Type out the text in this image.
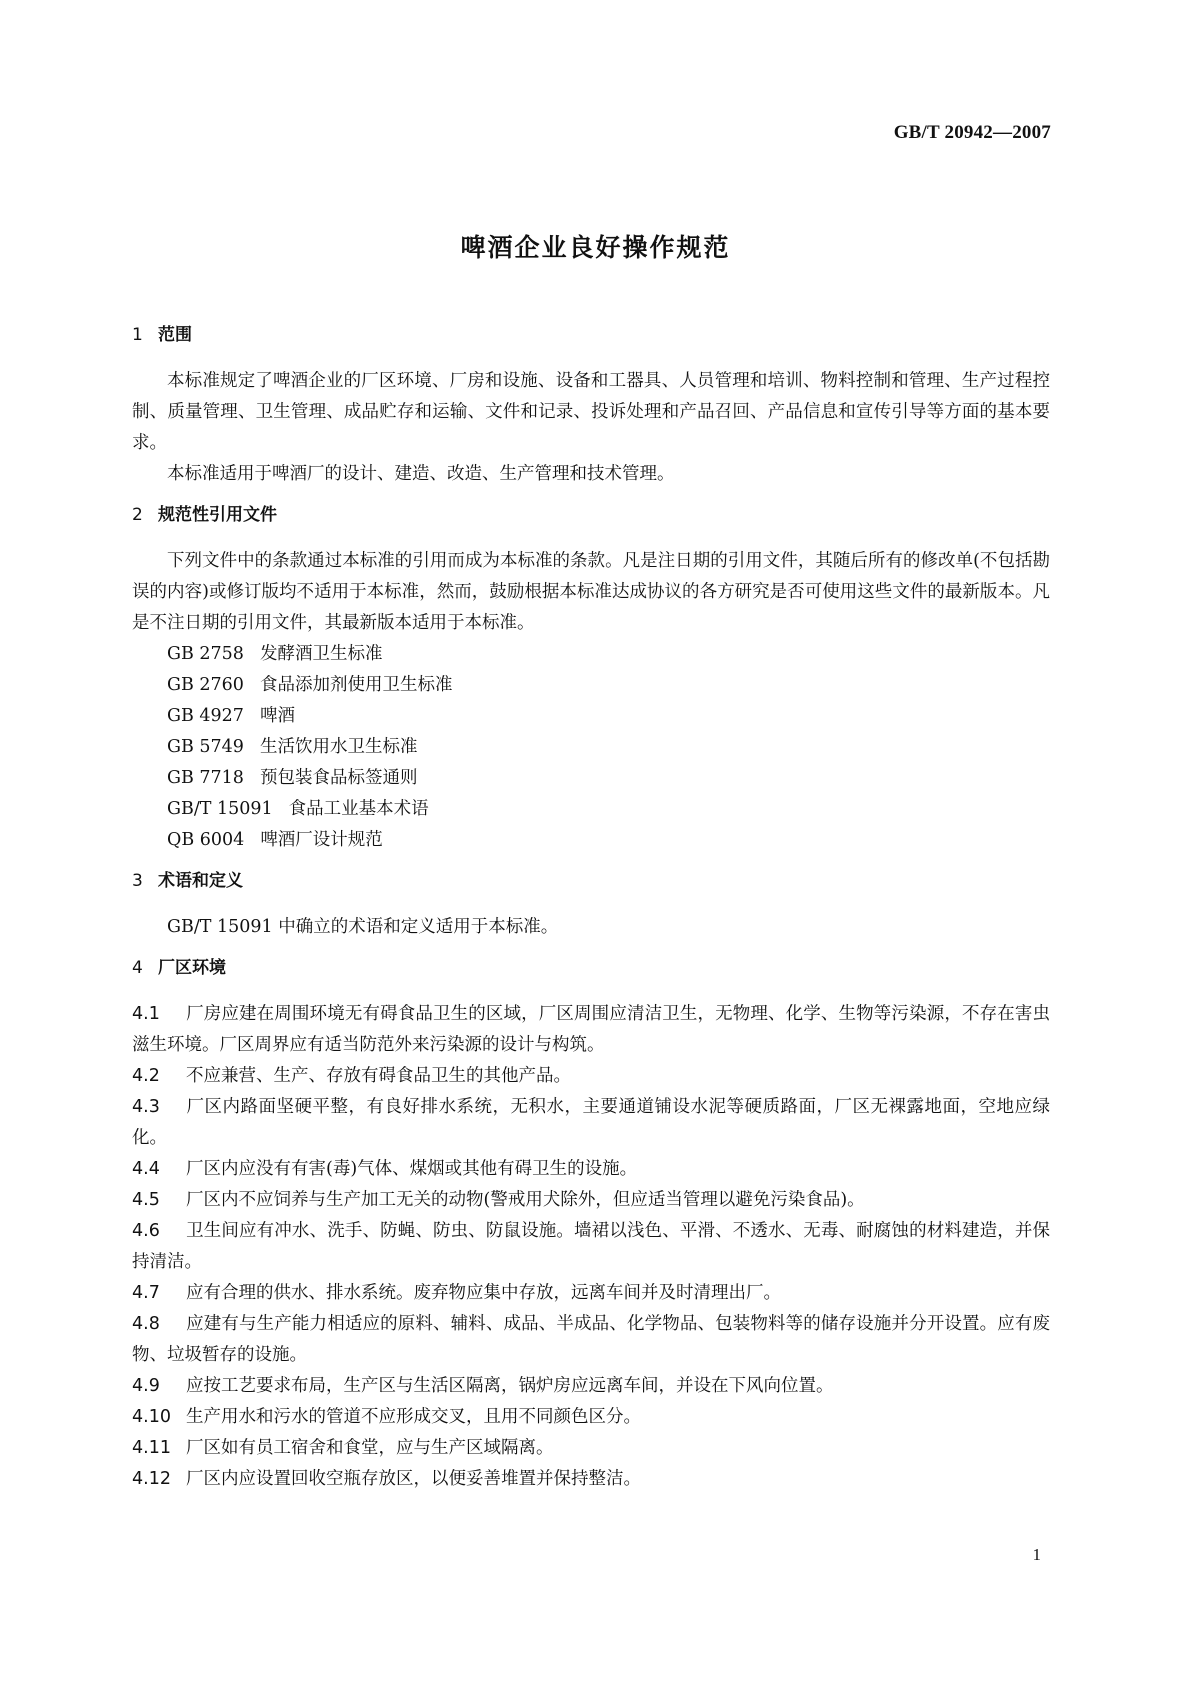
GB/T 20942—2007
啤酒企业良好操作规范
1 范围

本标准规定了啤酒企业的厂区环境、厂房和设施、设备和工器具、人员管理和培训、物料控制和管理、生产过程控制、质量管理、卫生管理、成品贮存和运输、文件和记录、投诉处理和产品召回、产品信息和宣传引导等方面的基本要求。

本标准适用于啤酒厂的设计、建造、改造、生产管理和技术管理。

2 规范性引用文件

下列文件中的条款通过本标准的引用而成为本标准的条款。凡是注日期的引用文件，其随后所有的修改单(不包括勘误的内容)或修订版均不适用于本标准，然而，鼓励根据本标准达成协议的各方研究是否可使用这些文件的最新版本。凡是不注日期的引用文件，其最新版本适用于本标准。

GB 2758 发酵酒卫生标准
GB 2760 食品添加剂使用卫生标准
GB 4927 啤酒
GB 5749 生活饮用水卫生标准
GB 7718 预包装食品标签通则
GB/T 15091 食品工业基本术语
QB 6004 啤酒厂设计规范
3 术语和定义

GB/T 15091 中确立的术语和定义适用于本标准。

4 厂区环境

4.1 厂房应建在周围环境无有碍食品卫生的区域，厂区周围应清洁卫生，无物理、化学、生物等污染源，不存在害虫滋生环境。厂区周界应有适当防范外来污染源的设计与构筑。

4.2 不应兼营、生产、存放有碍食品卫生的其他产品。

4.3 厂区内路面坚硬平整，有良好排水系统，无积水，主要通道铺设水泥等硬质路面，厂区无裸露地面，空地应绿化。

4.4 厂区内应没有有害(毒)气体、煤烟或其他有碍卫生的设施。

4.5 厂区内不应饲养与生产加工无关的动物(警戒用犬除外，但应适当管理以避免污染食品)。

4.6 卫生间应有冲水、洗手、防蝇、防虫、防鼠设施。墙裙以浅色、平滑、不透水、无毒、耐腐蚀的材料建造，并保持清洁。

4.7 应有合理的供水、排水系统。废弃物应集中存放，远离车间并及时清理出厂。

4.8 应建有与生产能力相适应的原料、辅料、成品、半成品、化学物品、包装物料等的储存设施并分开设置。应有废物、垃圾暂存的设施。

4.9 应按工艺要求布局，生产区与生活区隔离，锅炉房应远离车间，并设在下风向位置。

4.10 生产用水和污水的管道不应形成交叉，且用不同颜色区分。

4.11 厂区如有员工宿舍和食堂，应与生产区域隔离。

4.12 厂区内应设置回收空瓶存放区，以便妥善堆置并保持整洁。

1
